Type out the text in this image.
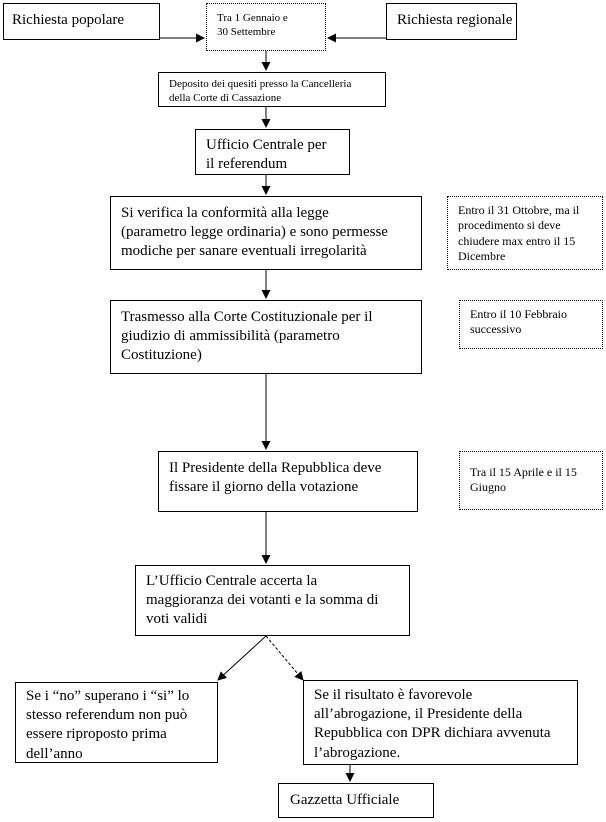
Richiesta popolare	Tra 1 Gennaio e
30 Settembre
Richiesta regionale
Deposito dei quesiti presso la Cancelleria
della Corte di Cassazione
Ufficio Centrale per
il referendum
Si verifica la conformità alla legge
(parametro legge ordinaria) e sono permesse
modiche per sanare eventuali irregolarità
Entro il 31 Ottobre, ma il
procedimento si deve
chiudere max entro il 15
Dicembre
Trasmesso alla Corte Costituzionale per il
giudizio di ammissibilità (parametro
Costituzione)
Entro il 10 Febbraio
successivo
Il Presidente della Repubblica deve
fissare il giorno della votazione
Tra il 15 Aprile e il 15
Giugno
L’Ufficio Centrale accerta la
maggioranza dei votanti e la somma di
voti validi
Se i “no” superano i “si” lo
stesso referendum non può
essere riproposto prima
dell’anno
Se il risultato è favorevole
all’abrogazione, il Presidente della
Repubblica con DPR dichiara avvenuta
l’abrogazione.
Gazzetta Ufficiale
